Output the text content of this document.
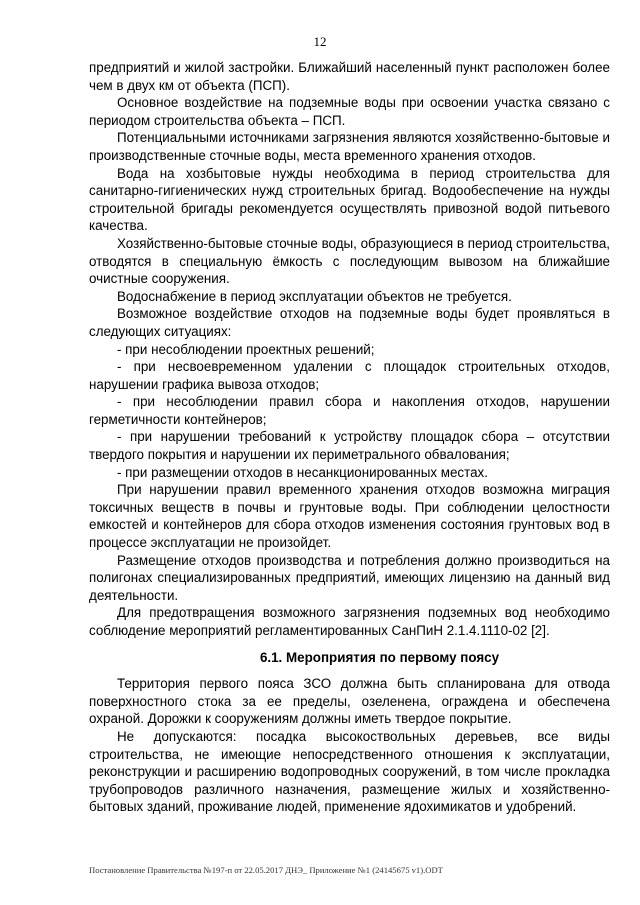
12
предприятий и жилой застройки. Ближайший населенный пункт расположен более чем в двух км от объекта (ПСП).
Основное воздействие на подземные воды при освоении участка связано с периодом строительства объекта – ПСП.
Потенциальными источниками загрязнения являются хозяйственно-бытовые и производственные сточные воды, места временного хранения отходов.
Вода на хозбытовые нужды необходима в период строительства для санитарно-гигиенических нужд строительных бригад. Водообеспечение на нужды строительной бригады рекомендуется осуществлять привозной водой питьевого качества.
Хозяйственно-бытовые сточные воды, образующиеся в период строительства, отводятся в специальную ёмкость с последующим вывозом на ближайшие очистные сооружения.
Водоснабжение в период эксплуатации объектов не требуется.
Возможное воздействие отходов на подземные воды будет проявляться в следующих ситуациях:
- при несоблюдении проектных решений;
- при несвоевременном удалении с площадок строительных отходов, нарушении графика вывоза отходов;
- при несоблюдении правил сбора и накопления отходов, нарушении герметичности контейнеров;
- при нарушении требований к устройству площадок сбора – отсутствии твердого покрытия и нарушении их периметрального обвалования;
- при размещении отходов в несанкционированных местах.
При нарушении правил временного хранения отходов возможна миграция токсичных веществ в почвы и грунтовые воды. При соблюдении целостности емкостей и контейнеров для сбора отходов изменения состояния грунтовых вод в процессе эксплуатации не произойдет.
Размещение отходов производства и потребления должно производиться на полигонах специализированных предприятий, имеющих лицензию на данный вид деятельности.
Для предотвращения возможного загрязнения подземных вод необходимо соблюдение мероприятий регламентированных СанПиН 2.1.4.1110-02 [2].
6.1. Мероприятия по первому поясу
Территория первого пояса ЗСО должна быть спланирована для отвода поверхностного стока за ее пределы, озеленена, ограждена и обеспечена охраной. Дорожки к сооружениям должны иметь твердое покрытие.
Не допускаются: посадка высокоствольных деревьев, все виды строительства, не имеющие непосредственного отношения к эксплуатации, реконструкции и расширению водопроводных сооружений, в том числе прокладка трубопроводов различного назначения, размещение жилых и хозяйственно-бытовых зданий, проживание людей, применение ядохимикатов и удобрений.
Постановление Правительства №197-п от 22.05.2017 ДНЭ_ Приложение №1 (24145675 v1).ODT
